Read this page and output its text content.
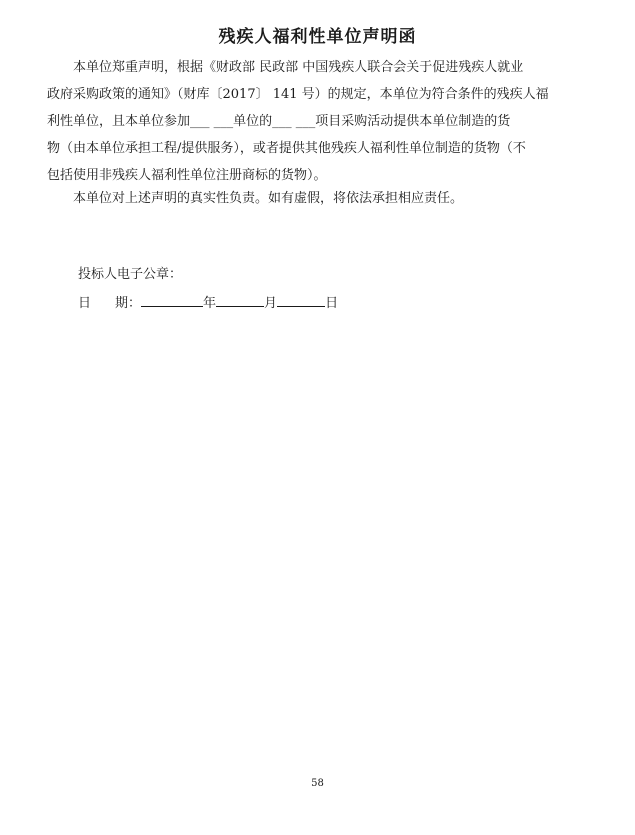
残疾人福利性单位声明函
本单位郑重声明，根据《财政部 民政部 中国残疾人联合会关于促进残疾人就业
政府采购政策的通知》（财库〔2017〕 141 号）的规定，本单位为符合条件的残疾人福
利性单位，且本单位参加___ ___单位的___ ___项目采购活动提供本单位制造的货
物（由本单位承担工程/提供服务），或者提供其他残疾人福利性单位制造的货物（不
包括使用非残疾人福利性单位注册商标的货物）。
本单位对上述声明的真实性负责。如有虚假，将依法承担相应责任。
投标人电子公章：
日 期：	年	月	日
58
